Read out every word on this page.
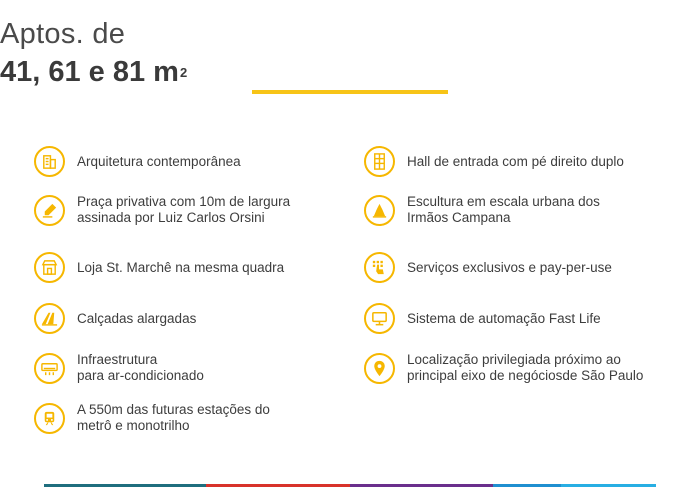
Aptos. de
41, 61 e 81 $m^2$
Arquitetura contemporânea
Praça privativa com 10m de largura
assinada por Luiz Carlos Orsini
Loja St. Marchê na mesma quadra
Calçadas alargadas
Infraestrutura
para ar-condicionado
A 550m das futuras estações do
metrô e monotrilho
Hall de entrada com pé direito duplo
Escultura em escala urbana dos
Irmãos Campana
Serviços exclusivos e pay-per-use
Sistema de automação Fast Life
Localização privilegiada próximo ao
principal eixo de negóciosde São Paulo
